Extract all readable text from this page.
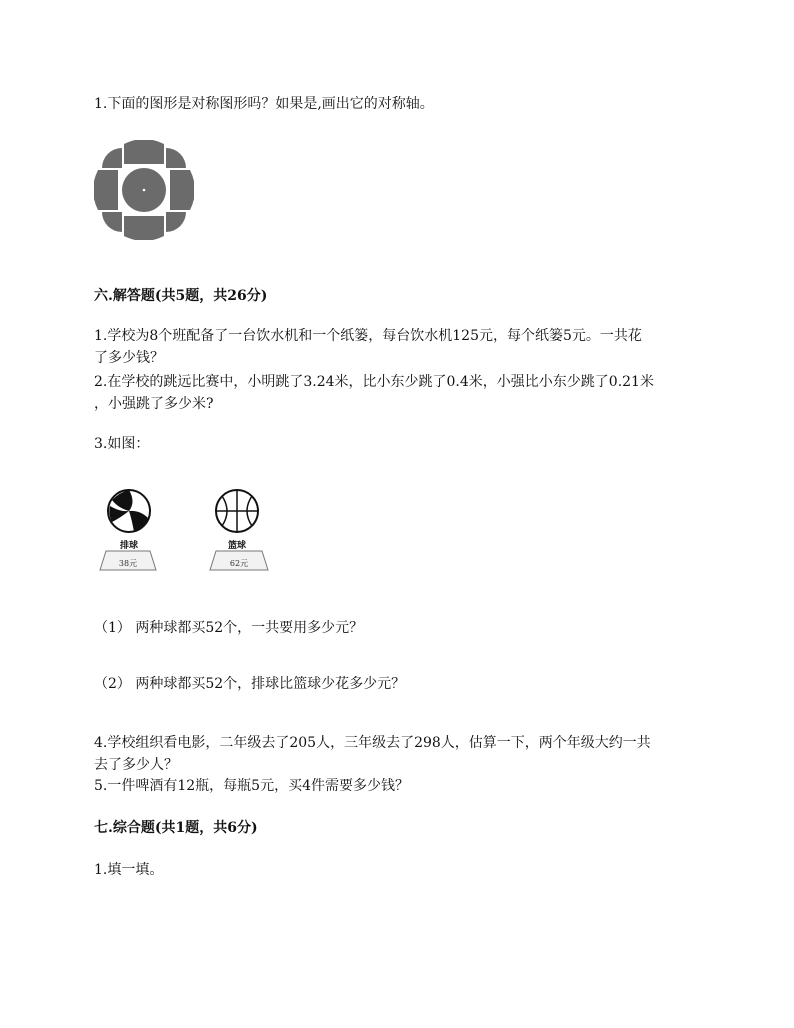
1.下面的图形是对称图形吗？如果是,画出它的对称轴。
六.解答题(共5题，共26分)
1.学校为8个班配备了一台饮水机和一个纸篓，每台饮水机125元，每个纸篓5元。一共花
了多少钱？
2.在学校的跳远比赛中，小明跳了3.24米，比小东少跳了0.4米，小强比小东少跳了0.21米
，小强跳了多少米?
3.如图：
排球
38元
篮球
62元
（1） 两种球都买52个，一共要用多少元？
（2） 两种球都买52个，排球比篮球少花多少元？
4.学校组织看电影，二年级去了205人，三年级去了298人，估算一下，两个年级大约一共
去了多少人？
5.一件啤酒有12瓶，每瓶5元，买4件需要多少钱？
七.综合题(共1题，共6分)
1.填一填。
